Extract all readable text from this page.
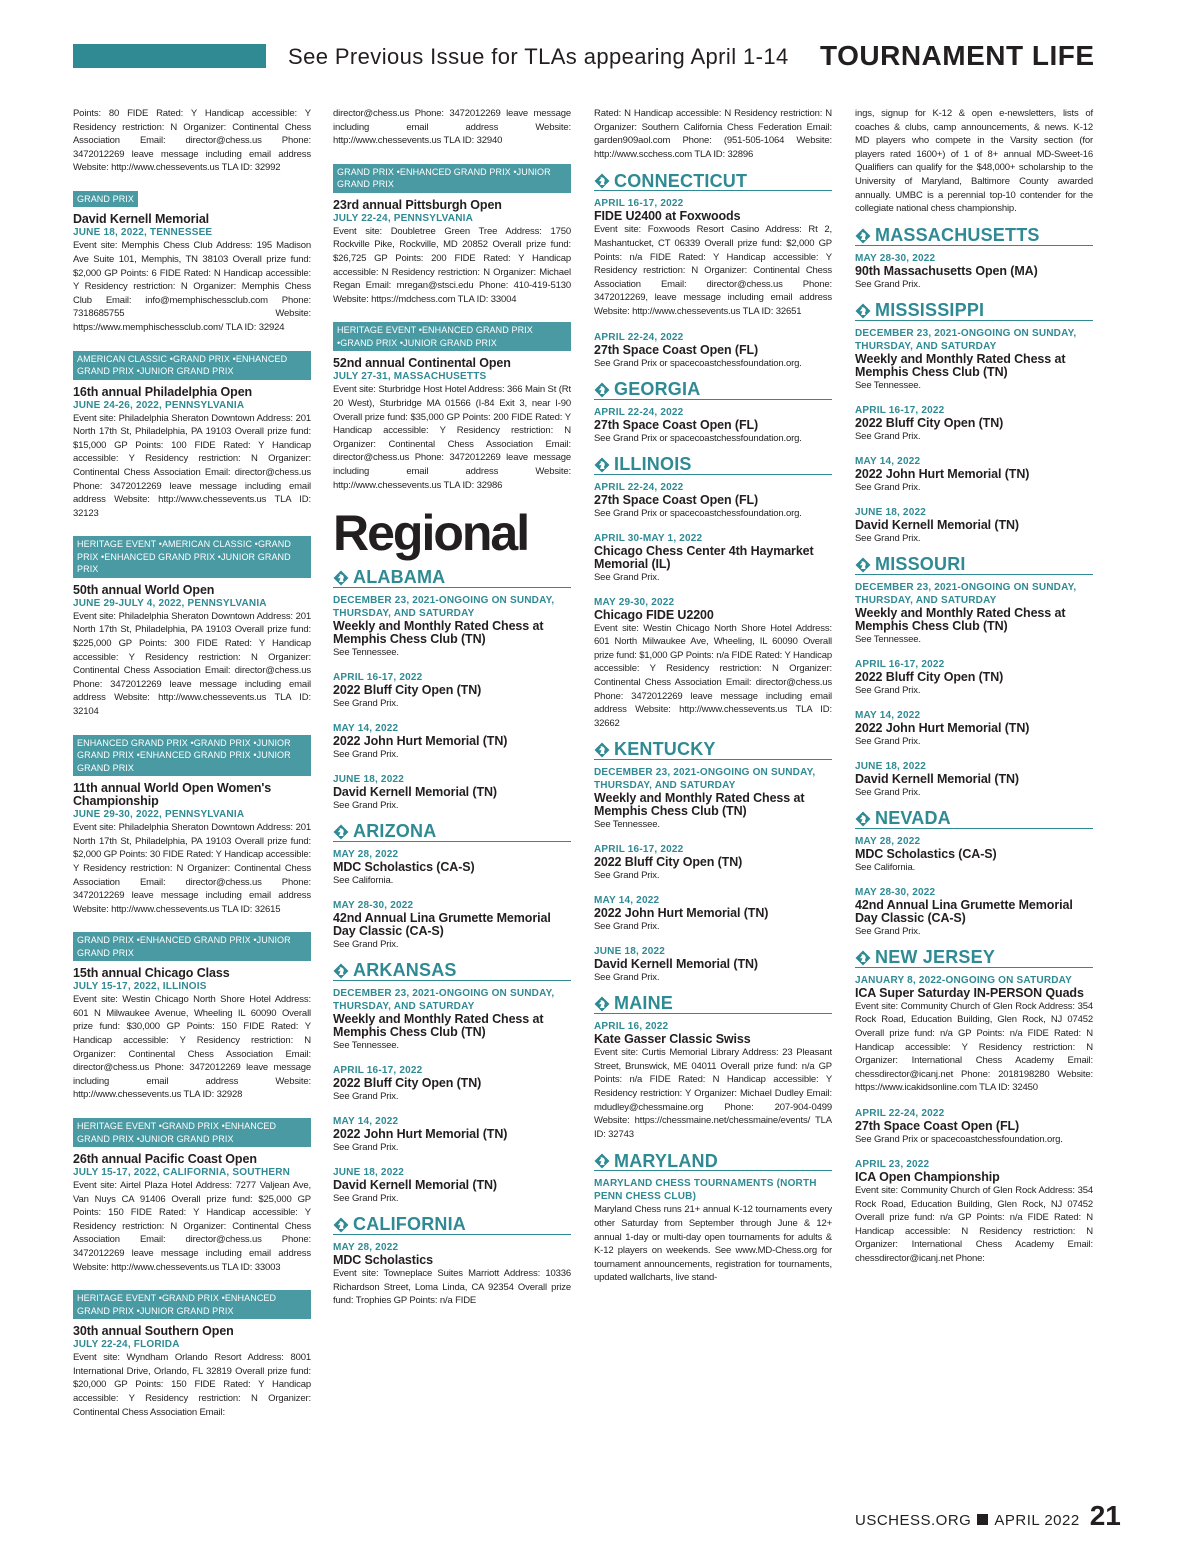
See Previous Issue for TLAs appearing April 1-14 TOURNAMENT LIFE
Points: 80 FIDE Rated: Y Handicap accessible: Y Residency restriction: N Organizer: Continental Chess Association Email: director@chess.us Phone: 3472012269 leave message including email address Website: http://www.chessevents.us TLA ID: 32992
GRAND PRIX
David Kernell Memorial
JUNE 18, 2022, TENNESSEE
Event site: Memphis Chess Club Address: 195 Madison Ave Suite 101, Memphis, TN 38103 Overall prize fund: $2,000 GP Points: 6 FIDE Rated: N Handicap accessible: Y Residency restriction: N Organizer: Memphis Chess Club Email: info@memphischessclub.com Phone: 7318685755 Website: https://www.memphischessclub.com/ TLA ID: 32924
AMERICAN CLASSIC • GRAND PRIX • ENHANCED GRAND PRIX • JUNIOR GRAND PRIX
16th annual Philadelphia Open
JUNE 24-26, 2022, PENNSYLVANIA
Event site: Philadelphia Sheraton Downtown Address: 201 North 17th St, Philadelphia, PA 19103 Overall prize fund: $15,000 GP Points: 100 FIDE Rated: Y Handicap accessible: Y Residency restriction: N Organizer: Continental Chess Association Email: director@chess.us Phone: 3472012269 leave message including email address Website: http://www.chessevents.us TLA ID: 32123
HERITAGE EVENT • AMERICAN CLASSIC • GRAND PRIX • ENHANCED GRAND PRIX • JUNIOR GRAND PRIX
50th annual World Open
JUNE 29-JULY 4, 2022, PENNSYLVANIA
Event site: Philadelphia Sheraton Downtown Address: 201 North 17th St, Philadelphia, PA 19103 Overall prize fund: $225,000 GP Points: 300 FIDE Rated: Y Handicap accessible: Y Residency restriction: N Organizer: Continental Chess Association Email: director@chess.us Phone: 3472012269 leave message including email address Website: http://www.chessevents.us TLA ID: 32104
ENHANCED GRAND PRIX • GRAND PRIX • JUNIOR GRAND PRIX • ENHANCED GRAND PRIX • JUNIOR GRAND PRIX
11th annual World Open Women's Championship
JUNE 29-30, 2022, PENNSYLVANIA
Event site: Philadelphia Sheraton Downtown Address: 201 North 17th St, Philadelphia, PA 19103 Overall prize fund: $2,000 GP Points: 30 FIDE Rated: Y Handicap accessible: Y Residency restriction: N Organizer: Continental Chess Association Email: director@chess.us Phone: 3472012269 leave message including email address Website: http://www.chessevents.us TLA ID: 32615
GRAND PRIX • ENHANCED GRAND PRIX • JUNIOR GRAND PRIX
15th annual Chicago Class
JULY 15-17, 2022, ILLINOIS
Event site: Westin Chicago North Shore Hotel Address: 601 N Milwaukee Avenue, Wheeling IL 60090 Overall prize fund: $30,000 GP Points: 150 FIDE Rated: Y Handicap accessible: Y Residency restriction: N Organizer: Continental Chess Association Email: director@chess.us Phone: 3472012269 leave message including email address Website: http://www.chessevents.us TLA ID: 32928
HERITAGE EVENT • GRAND PRIX • ENHANCED GRAND PRIX • JUNIOR GRAND PRIX
26th annual Pacific Coast Open
JULY 15-17, 2022, CALIFORNIA, SOUTHERN
Event site: Airtel Plaza Hotel Address: 7277 Valjean Ave, Van Nuys CA 91406 Overall prize fund: $25,000 GP Points: 150 FIDE Rated: Y Handicap accessible: Y Residency restriction: N Organizer: Continental Chess Association Email: director@chess.us Phone: 3472012269 leave message including email address Website: http://www.chessevents.us TLA ID: 33003
HERITAGE EVENT • GRAND PRIX • ENHANCED GRAND PRIX • JUNIOR GRAND PRIX
30th annual Southern Open
JULY 22-24, FLORIDA
Event site: Wyndham Orlando Resort Address: 8001 International Drive, Orlando, FL 32819 Overall prize fund: $20,000 GP Points: 150 FIDE Rated: Y Handicap accessible: Y Residency restriction: N Organizer: Continental Chess Association Email:
director@chess.us Phone: 3472012269 leave message including email address Website: http://www.chessevents.us TLA ID: 32940
GRAND PRIX • ENHANCED GRAND PRIX • JUNIOR GRAND PRIX
23rd annual Pittsburgh Open
JULY 22-24, PENNSYLVANIA
Event site: Doubletree Green Tree Address: 1750 Rockville Pike, Rockville, MD 20852 Overall prize fund: $26,725 GP Points: 200 FIDE Rated: Y Handicap accessible: N Residency restriction: N Organizer: Michael Regan Email: mregan@stsci.edu Phone: 410-419-5130 Website: https://mdchess.com TLA ID: 33004
HERITAGE EVENT • ENHANCED GRAND PRIX •GRAND PRIX • JUNIOR GRAND PRIX
52nd annual Continental Open
JULY 27-31, MASSACHUSETTS
Event site: Sturbridge Host Hotel Address: 366 Main St (Rt 20 West), Sturbridge MA 01566 (I-84 Exit 3, near I-90 Overall prize fund: $35,000 GP Points: 200 FIDE Rated: Y Handicap accessible: Y Residency restriction: N Organizer: Continental Chess Association Email: director@chess.us Phone: 3472012269 leave message including email address Website: http://www.chessevents.us TLA ID: 32986
Regional
ALABAMA
DECEMBER 23, 2021-ONGOING ON SUNDAY, THURSDAY, AND SATURDAY
Weekly and Monthly Rated Chess at Memphis Chess Club (TN)
See Tennessee.
APRIL 16-17, 2022
2022 Bluff City Open (TN)
See Grand Prix.
MAY 14, 2022
2022 John Hurt Memorial (TN)
See Grand Prix.
JUNE 18, 2022
David Kernell Memorial (TN)
See Grand Prix.
ARIZONA
MAY 28, 2022
MDC Scholastics (CA-S)
See California.
MAY 28-30, 2022
42nd Annual Lina Grumette Memorial Day Classic (CA-S)
See Grand Prix.
ARKANSAS
DECEMBER 23, 2021-ONGOING ON SUNDAY, THURSDAY, AND SATURDAY
Weekly and Monthly Rated Chess at Memphis Chess Club (TN)
See Tennessee.
APRIL 16-17, 2022
2022 Bluff City Open (TN)
See Grand Prix.
MAY 14, 2022
2022 John Hurt Memorial (TN)
See Grand Prix.
JUNE 18, 2022
David Kernell Memorial (TN)
See Grand Prix.
CALIFORNIA
MAY 28, 2022
MDC Scholastics
Event site: Towneplace Suites Marriott Address: 10336 Richardson Street, Loma Linda, CA 92354 Overall prize fund: Trophies GP Points: n/a FIDE
Rated: N Handicap accessible: N Residency restriction: N Organizer: Southern California Chess Federation Email: garden909aol.com Phone: (951-505-1064 Website: http://www.scchess.com TLA ID: 32896
CONNECTICUT
APRIL 16-17, 2022
FIDE U2400 at Foxwoods
Event site: Foxwoods Resort Casino Address: Rt 2, Mashantucket, CT 06339 Overall prize fund: $2,000 GP Points: n/a FIDE Rated: Y Handicap accessible: Y Residency restriction: N Organizer: Continental Chess Association Email: director@chess.us Phone: 3472012269, leave message including email address Website: http://www.chessevents.us TLA ID: 32651
APRIL 22-24, 2022
27th Space Coast Open (FL)
See Grand Prix or spacecoastchessfoundation.org.
GEORGIA
APRIL 22-24, 2022
27th Space Coast Open (FL)
See Grand Prix or spacecoastchessfoundation.org.
ILLINOIS
APRIL 22-24, 2022
27th Space Coast Open (FL)
See Grand Prix or spacecoastchessfoundation.org.
APRIL 30-MAY 1, 2022
Chicago Chess Center 4th Haymarket Memorial (IL)
See Grand Prix.
MAY 29-30, 2022
Chicago FIDE U2200
Event site: Westin Chicago North Shore Hotel Address: 601 North Milwaukee Ave, Wheeling, IL 60090 Overall prize fund: $1,000 GP Points: n/a FIDE Rated: Y Handicap accessible: Y Residency restriction: N Organizer: Continental Chess Association Email: director@chess.us Phone: 3472012269 leave message including email address Website: http://www.chessevents.us TLA ID: 32662
KENTUCKY
DECEMBER 23, 2021-ONGOING ON SUNDAY, THURSDAY, AND SATURDAY
Weekly and Monthly Rated Chess at Memphis Chess Club (TN)
See Tennessee.
APRIL 16-17, 2022
2022 Bluff City Open (TN)
See Grand Prix.
MAY 14, 2022
2022 John Hurt Memorial (TN)
See Grand Prix.
JUNE 18, 2022
David Kernell Memorial (TN)
See Grand Prix.
MAINE
APRIL 16, 2022
Kate Gasser Classic Swiss
Event site: Curtis Memorial Library Address: 23 Pleasant Street, Brunswick, ME 04011 Overall prize fund: n/a GP Points: n/a FIDE Rated: N Handicap accessible: Y Residency restriction: Y Organizer: Michael Dudley Email: mdudley@chessmaine.org Phone: 207-904-0499 Website: https://chessmaine.net/chessmaine/events/ TLA ID: 32743
MARYLAND
MARYLAND CHESS TOURNAMENTS (NORTH PENN CHESS CLUB)
Maryland Chess runs 21+ annual K-12 tournaments every other Saturday from September through June & 12+ annual 1-day or multi-day open tournaments for adults & K-12 players on weekends. See www.MD-Chess.org for tournament announcements, registration for tournaments, updated wallcharts, live stand-
ings, signup for K-12 & open e-newsletters, lists of coaches & clubs, camp announcements, & news. K-12 MD players who compete in the Varsity section (for players rated 1600+) of 1 of 8+ annual MD-Sweet-16 Qualifiers can qualify for the $48,000+ scholarship to the University of Maryland, Baltimore County awarded annually. UMBC is a perennial top-10 contender for the collegiate national chess championship.
MASSACHUSETTS
MAY 28-30, 2022
90th Massachusetts Open (MA)
See Grand Prix.
MISSISSIPPI
DECEMBER 23, 2021-ONGOING ON SUNDAY, THURSDAY, AND SATURDAY
Weekly and Monthly Rated Chess at Memphis Chess Club (TN)
See Tennessee.
APRIL 16-17, 2022
2022 Bluff City Open (TN)
See Grand Prix.
MAY 14, 2022
2022 John Hurt Memorial (TN)
See Grand Prix.
JUNE 18, 2022
David Kernell Memorial (TN)
See Grand Prix.
MISSOURI
DECEMBER 23, 2021-ONGOING ON SUNDAY, THURSDAY, AND SATURDAY
Weekly and Monthly Rated Chess at Memphis Chess Club (TN)
See Tennessee.
APRIL 16-17, 2022
2022 Bluff City Open (TN)
See Grand Prix.
MAY 14, 2022
2022 John Hurt Memorial (TN)
See Grand Prix.
JUNE 18, 2022
David Kernell Memorial (TN)
See Grand Prix.
NEVADA
MAY 28, 2022
MDC Scholastics (CA-S)
See California.
MAY 28-30, 2022
42nd Annual Lina Grumette Memorial Day Classic (CA-S)
See Grand Prix.
NEW JERSEY
JANUARY 8, 2022-ONGOING ON SATURDAY
ICA Super Saturday IN-PERSON Quads
Event site: Community Church of Glen Rock Address: 354 Rock Road, Education Building, Glen Rock, NJ 07452 Overall prize fund: n/a GP Points: n/a FIDE Rated: N Handicap accessible: Y Residency restriction: N Organizer: International Chess Academy Email: chessdirector@icanj.net Phone: 2018198280 Website: https://www.icakidsonline.com TLA ID: 32450
APRIL 22-24, 2022
27th Space Coast Open (FL)
See Grand Prix or spacecoastchessfoundation.org.
APRIL 23, 2022
ICA Open Championship
Event site: Community Church of Glen Rock Address: 354 Rock Road, Education Building, Glen Rock, NJ 07452 Overall prize fund: n/a GP Points: n/a FIDE Rated: N Handicap accessible: N Residency restriction: N Organizer: International Chess Academy Email: chessdirector@icanj.net Phone:
USCHESS.ORG APRIL 2022 21
